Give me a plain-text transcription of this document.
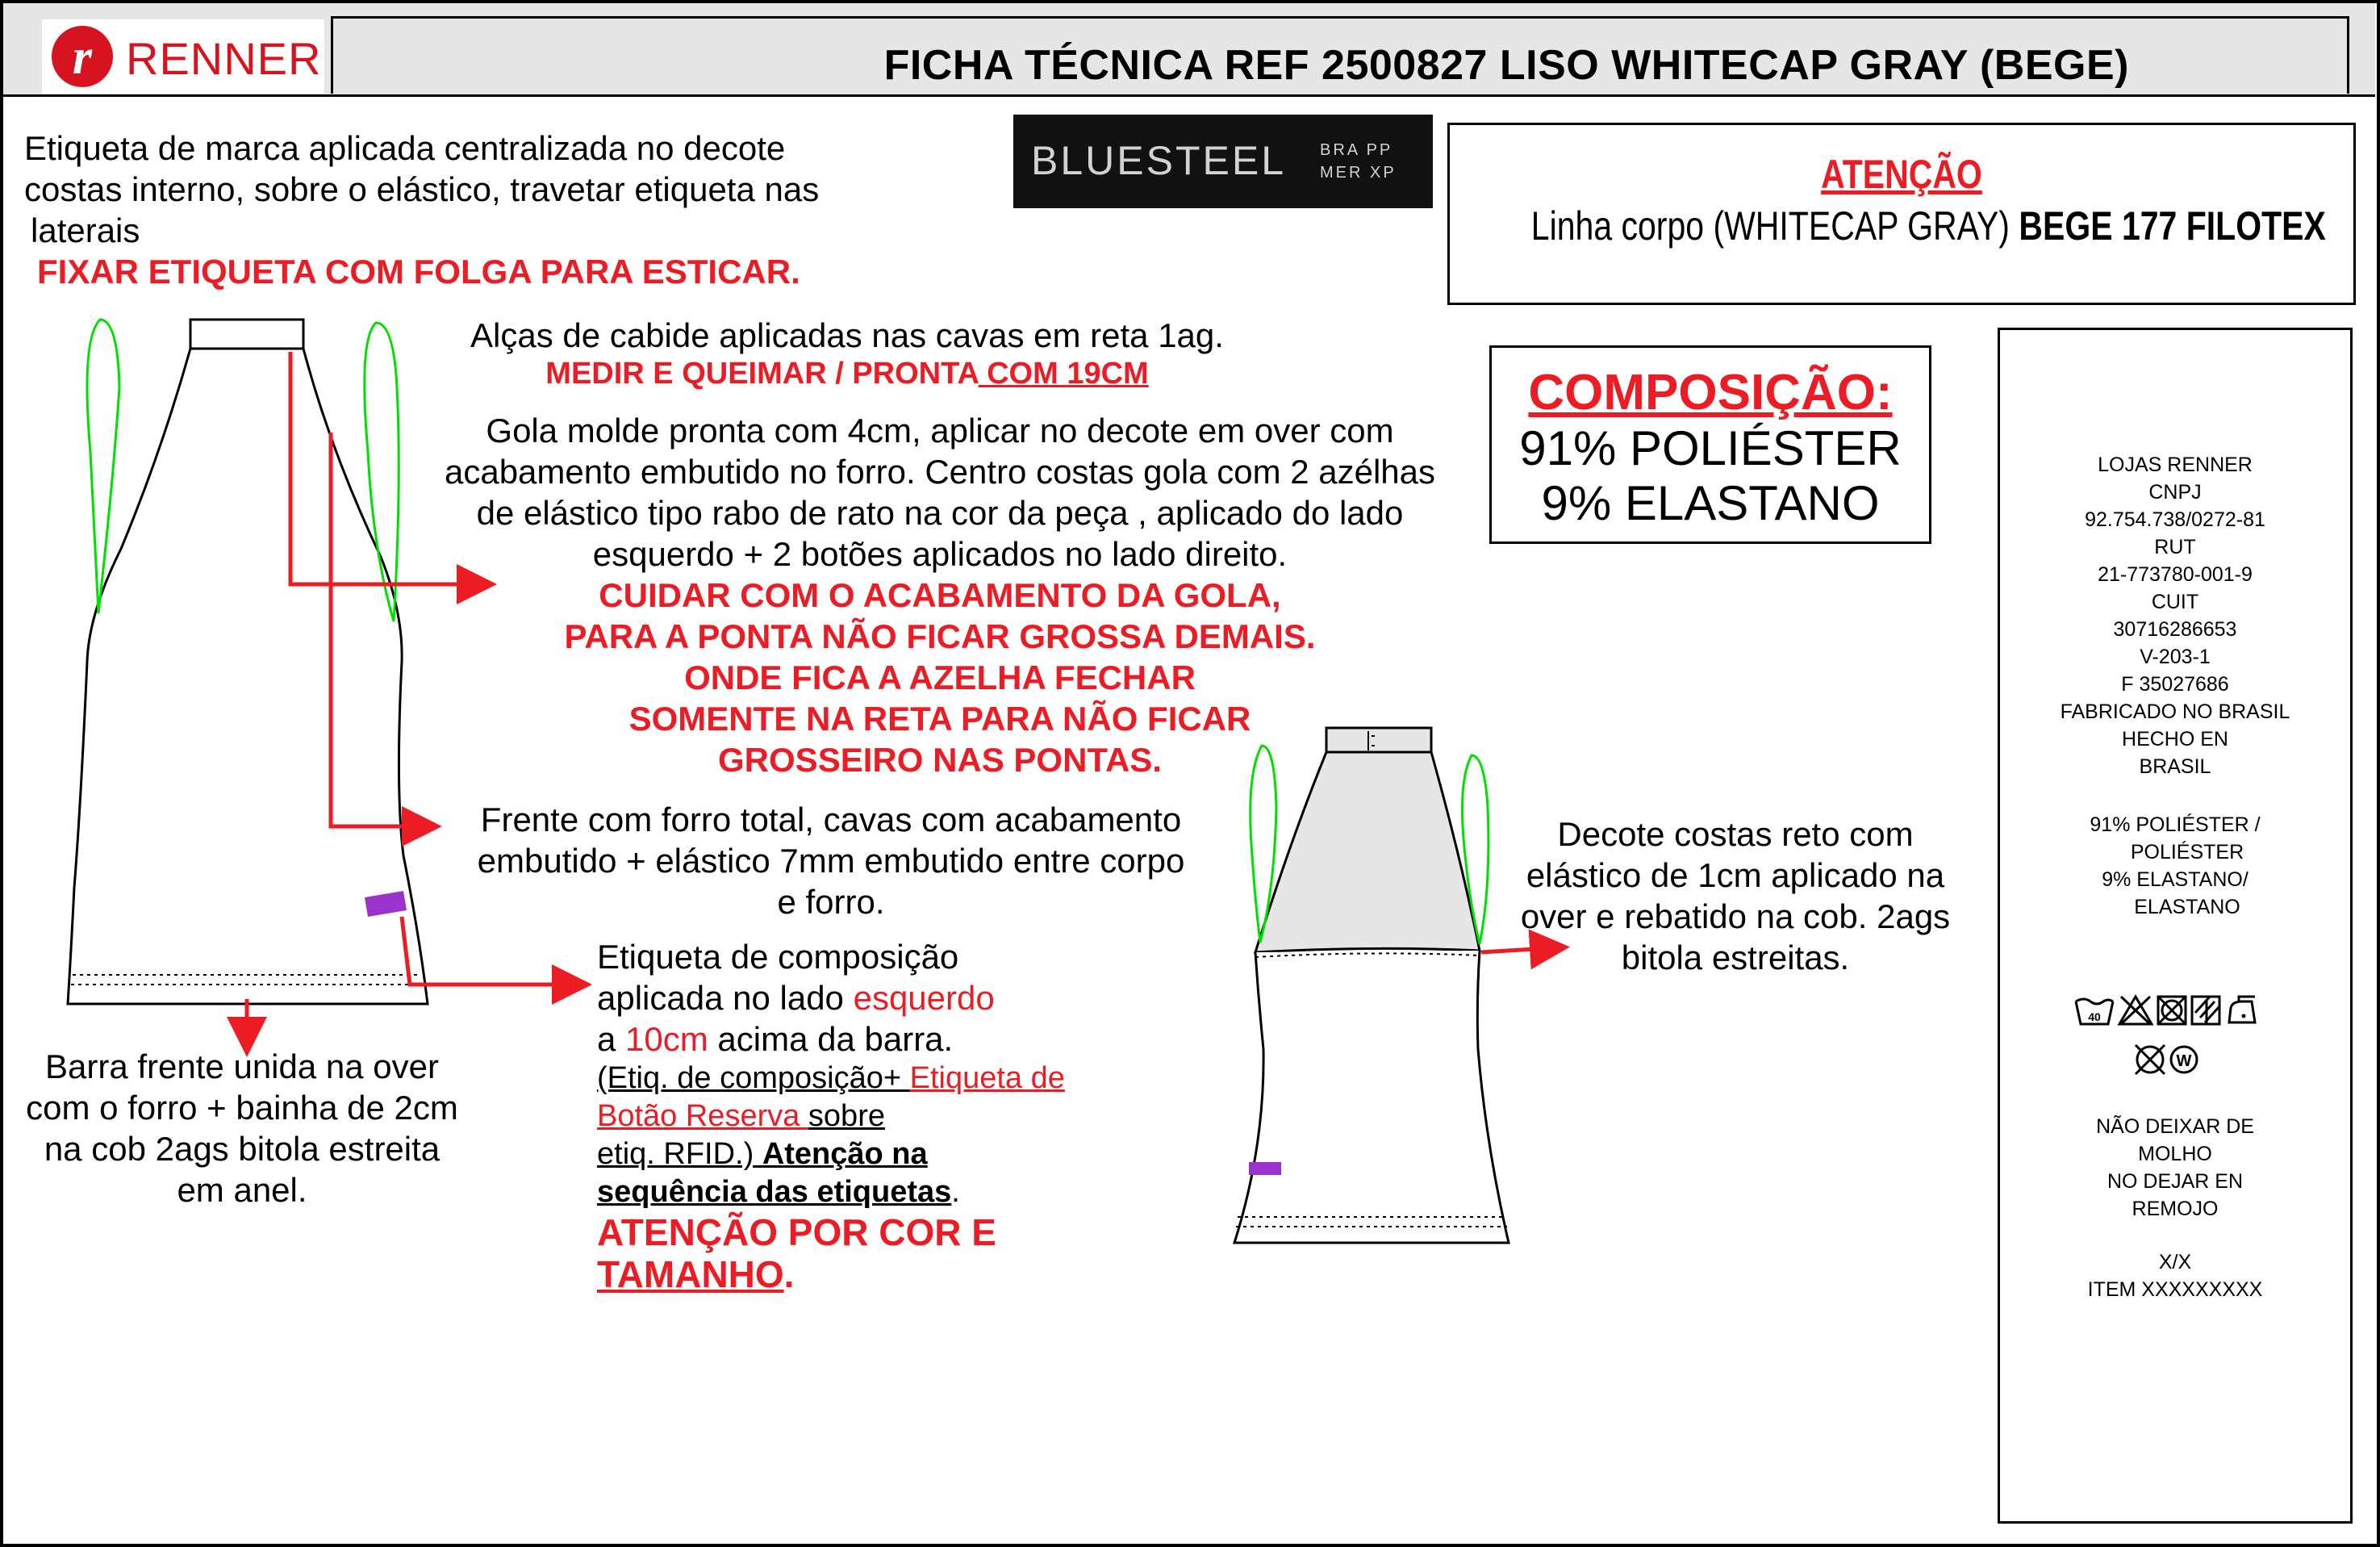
FICHA TÉCNICA REF 2500827 LISO WHITECAP GRAY (BEGE)
r RENNER
Etiqueta de marca aplicada centralizada no decote
costas interno, sobre o elástico, travetar etiqueta nas
laterais
FIXAR ETIQUETA COM FOLGA PARA ESTICAR.
BLUESTEEL BRA PP
MER XP	ATENÇÃO
Linha corpo (WHITECAP GRAY) BEGE 177 FILOTEX
COMPOSIÇÃO:
91% POLIÉSTER
9% ELASTANO
Alças de cabide aplicadas nas cavas em reta 1ag.
MEDIR E QUEIMAR / PRONTA COM 19CM
Gola molde pronta com 4cm, aplicar no decote em over com
acabamento embutido no forro. Centro costas gola com 2 azélhas
de elástico tipo rabo de rato na cor da peça , aplicado do lado
esquerdo + 2 botões aplicados no lado direito.
CUIDAR COM O ACABAMENTO DA GOLA,
PARA A PONTA NÃO FICAR GROSSA DEMAIS.
ONDE FICA A AZELHA FECHAR
SOMENTE NA RETA PARA NÃO FICAR
GROSSEIRO NAS PONTAS.
Frente com forro total, cavas com acabamento
embutido + elástico 7mm embutido entre corpo
e forro.
Etiqueta de composição
aplicada no lado esquerdo
a 10cm acima da barra.
(Etiq. de composição+ Etiqueta de
Botão Reserva sobre
etiq. RFID.) Atenção na
sequência das etiquetas.
ATENÇÃO POR COR E
TAMANHO.
Barra frente unida na over
com o forro + bainha de 2cm
na cob 2ags bitola estreita
em anel.
Decote costas reto com
elástico de 1cm aplicado na
over e rebatido na cob. 2ags
bitola estreitas.
LOJAS RENNER
CNPJ
92.754.738/0272-81
RUT
21-773780-001-9
CUIT
30716286653
V-203-1
F 35027686
FABRICADO NO BRASIL
HECHO EN
BRASIL
91% POLIÉSTER /
POLIÉSTER
9% ELASTANO/
ELASTANO
40
W
NÃO DEIXAR DE
MOLHO
NO DEJAR EN
REMOJO
X/X
ITEM XXXXXXXXX
